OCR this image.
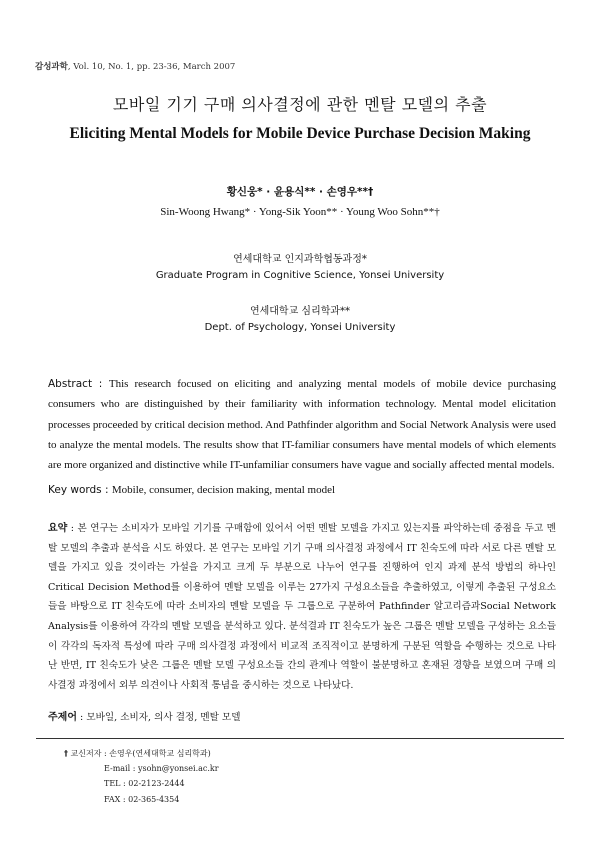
감성과학, Vol. 10, No. 1, pp. 23-36, March 2007
모바일 기기 구매 의사결정에 관한 멘탈 모델의 추출
Eliciting Mental Models for Mobile Device Purchase Decision Making
황신웅* · 윤용식** · 손영우**†
Sin-Woong Hwang* · Yong-Sik Yoon** · Young Woo Sohn**†
연세대학교 인지과학협동과정*
Graduate Program in Cognitive Science, Yonsei University
연세대학교 심리학과**
Dept. of Psychology, Yonsei University
Abstract : This research focused on eliciting and analyzing mental models of mobile device purchasing consumers who are distinguished by their familiarity with information technology. Mental model elicitation processes proceeded by critical decision method. And Pathfinder algorithm and Social Network Analysis were used to analyze the mental models. The results show that IT-familiar consumers have mental models of which elements are more organized and distinctive while IT-unfamiliar consumers have vague and socially affected mental models.
Key words : Mobile, consumer, decision making, mental model
요약 : 본 연구는 소비자가 모바일 기기를 구매함에 있어서 어떤 멘탈 모델을 가지고 있는지를 파악하는데 중점을 두고 멘탈 모델의 추출과 분석을 시도 하였다. 본 연구는 모바일 기기 구매 의사결정 과정에서 IT 친숙도에 따라 서로 다른 멘탈 모델을 가지고 있을 것이라는 가설을 가지고 크게 두 부분으로 나누어 연구를 진행하여 인지 과제 분석 방법의 하나인 Critical Decision Method를 이용하여 멘탈 모델을 이루는 27가지 구성요소들을 추출하였고, 이렇게 추출된 구성요소들을 바탕으로 IT 친숙도에 따라 소비자의 멘탈 모델을 두 그룹으로 구분하여 Pathfinder 알고리즘과Social Network Analysis를 이용하여 각각의 멘탈 모델을 분석하고 있다. 분석결과 IT 친숙도가 높은 그룹은 멘탈 모델을 구성하는 요소들이 각각의 독자적 특성에 따라 구매 의사결정 과정에서 비교적 조직적이고 분명하게 구분된 역할을 수행하는 것으로 나타난 반면, IT 친숙도가 낮은 그룹은 멘탈 모델 구성요소들 간의 관계나 역할이 불분명하고 혼재된 경향을 보였으며 구매 의사결정 과정에서 외부 의견이나 사회적 통념을 중시하는 것으로 나타났다.
주제어 : 모바일, 소비자, 의사 결정, 멘탈 모델
† 교신저자 : 손영우(연세대학교 심리학과)
E-mail : ysohn@yonsei.ac.kr
TEL : 02-2123-2444
FAX : 02-365-4354
